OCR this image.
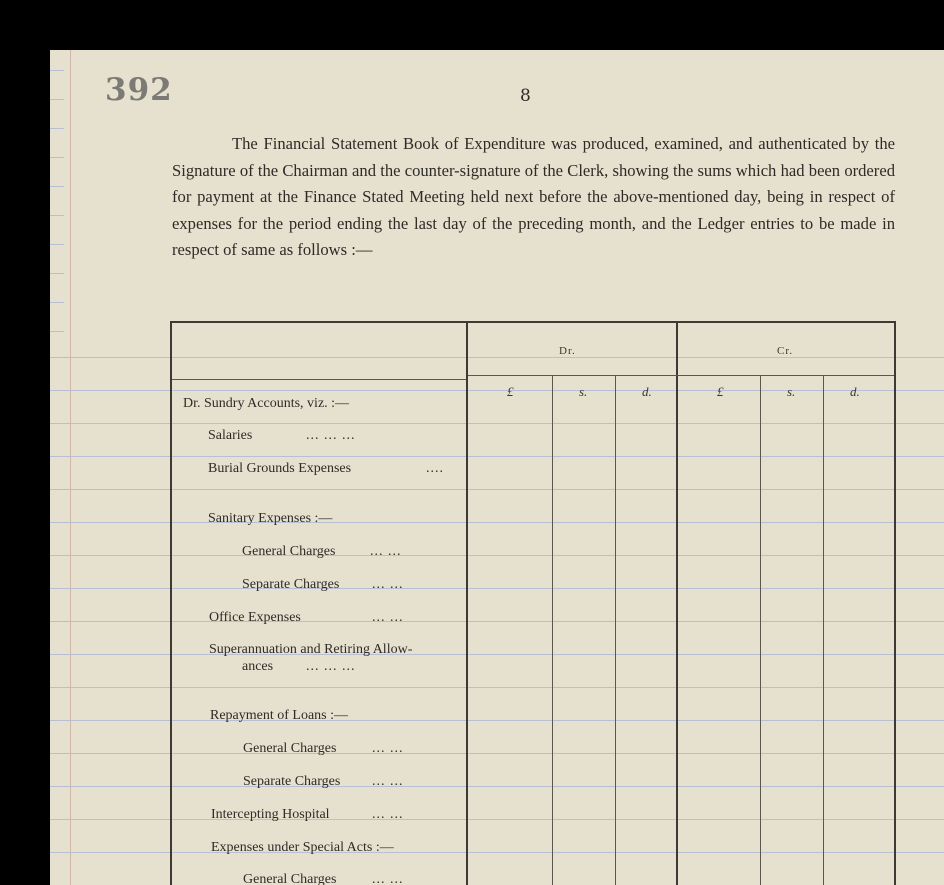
392	8
The Financial Statement Book of Expenditure was produced, examined, and authenticated by the Signature of the Chairman and the counter-signature of the Clerk, showing the sums which had been ordered for payment at the Finance Stated Meeting held next before the above-mentioned day, being in respect of expenses for the period ending the last day of the preceding month, and the Ledger entries to be made in respect of same as follows :—
Dr.	Cr.
£	s.	d.	£	s.	d.
Dr. Sundry Accounts, viz. :—
Salaries	... ... ...
Burial Grounds Expenses	....
Sanitary Expenses :—
General Charges ... ...
Separate Charges ... ...
Office Expenses	... ...
Superannuation and Retiring Allow-
ances ... ... ...
Repayment of Loans :—
General Charges	... ...
Separate Charges ... ...
Intercepting Hospital	... ...
Expenses under Special Acts :—
General Charges	... ...
